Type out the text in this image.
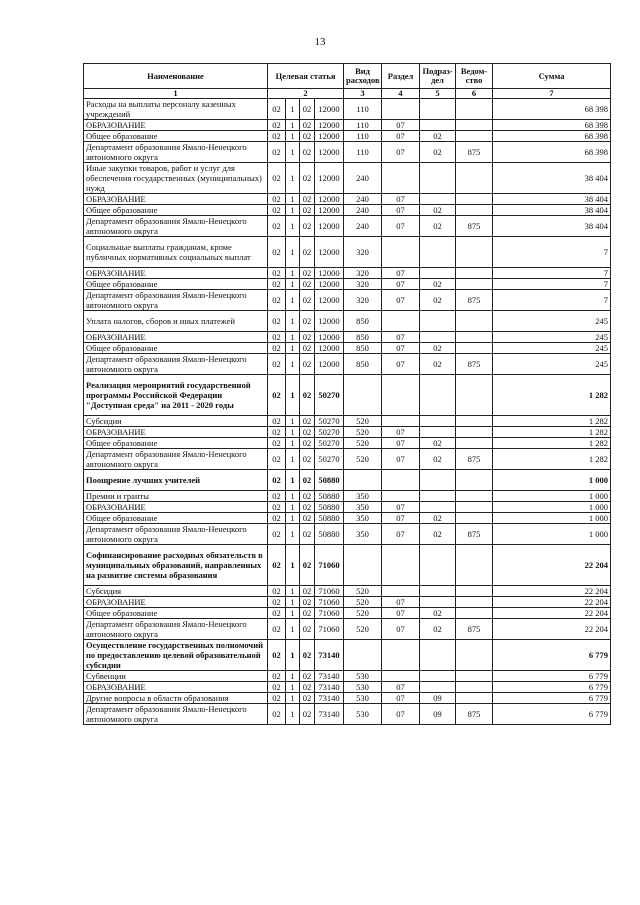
13
Наименование	Целевая статья				Вид расходов	Раздел	Подраз-дел	Ведом-ство	Сумма
1	2				3	4	5	6	7
Расходы на выплаты персоналу казенных учреждений	02	1	02	12000	110				68 398
ОБРАЗОВАНИЕ	02	1	02	12000	110	07			68 398
Общее образование	02	1	02	12000	110	07	02		68 398
Департамент образования Ямало-Ненецкого автономного округа	02	1	02	12000	110	07	02	875	68 398
Иные закупки товаров, работ и услуг для обеспечения государственных (муниципальных) нужд	02	1	02	12000	240				38 404
ОБРАЗОВАНИЕ	02	1	02	12000	240	07			38 404
Общее образование	02	1	02	12000	240	07	02		38 404
Департамент образования Ямало-Ненецкого автономного округа	02	1	02	12000	240	07	02	875	38 404
Социальные выплаты гражданам, кроме публичных нормативных социальных выплат	02	1	02	12000	320				7
ОБРАЗОВАНИЕ	02	1	02	12000	320	07			7
Общее образование	02	1	02	12000	320	07	02		7
Департамент образования Ямало-Ненецкого автономного округа	02	1	02	12000	320	07	02	875	7
Уплата налогов, сборов и иных платежей	02	1	02	12000	850				245
ОБРАЗОВАНИЕ	02	1	02	12000	850	07			245
Общее образование	02	1	02	12000	850	07	02		245
Департамент образования Ямало-Ненецкого автономного округа	02	1	02	12000	850	07	02	875	245
Реализация мероприятий государственной программы Российской Федерации "Доступная среда" на 2011 - 2020 годы	02	1	02	50270					1 282
Субсидии	02	1	02	50270	520				1 282
ОБРАЗОВАНИЕ	02	1	02	50270	520	07			1 282
Общее образование	02	1	02	50270	520	07	02		1 282
Департамент образования Ямало-Ненецкого автономного округа	02	1	02	50270	520	07	02	875	1 282
Поощрение лучших учителей	02	1	02	50880					1 000
Премии и гранты	02	1	02	50880	350				1 000
ОБРАЗОВАНИЕ	02	1	02	50880	350	07			1 000
Общее образование	02	1	02	50880	350	07	02		1 000
Департамент образования Ямало-Ненецкого автономного округа	02	1	02	50880	350	07	02	875	1 000
Софинансирование расходных обязательств в муниципальных образований, направленных на развитие системы образования	02	1	02	71060					22 204
Субсидия	02	1	02	71060	520				22 204
ОБРАЗОВАНИЕ	02	1	02	71060	520	07			22 204
Общее образование	02	1	02	71060	520	07	02		22 204
Департамент образования Ямало-Ненецкого автономного округа	02	1	02	71060	520	07	02	875	22 204
Осуществление государственных полномочий по предоставлению целевой образовательной субсидии	02	1	02	73140					6 779
Субвенции	02	1	02	73140	530				6 779
ОБРАЗОВАНИЕ	02	1	02	73140	530	07			6 779
Другие вопросы в области образования	02	1	02	73140	530	07	09		6 779
Департамент образования Ямало-Ненецкого автономного округа	02	1	02	73140	530	07	09	875	6 779
